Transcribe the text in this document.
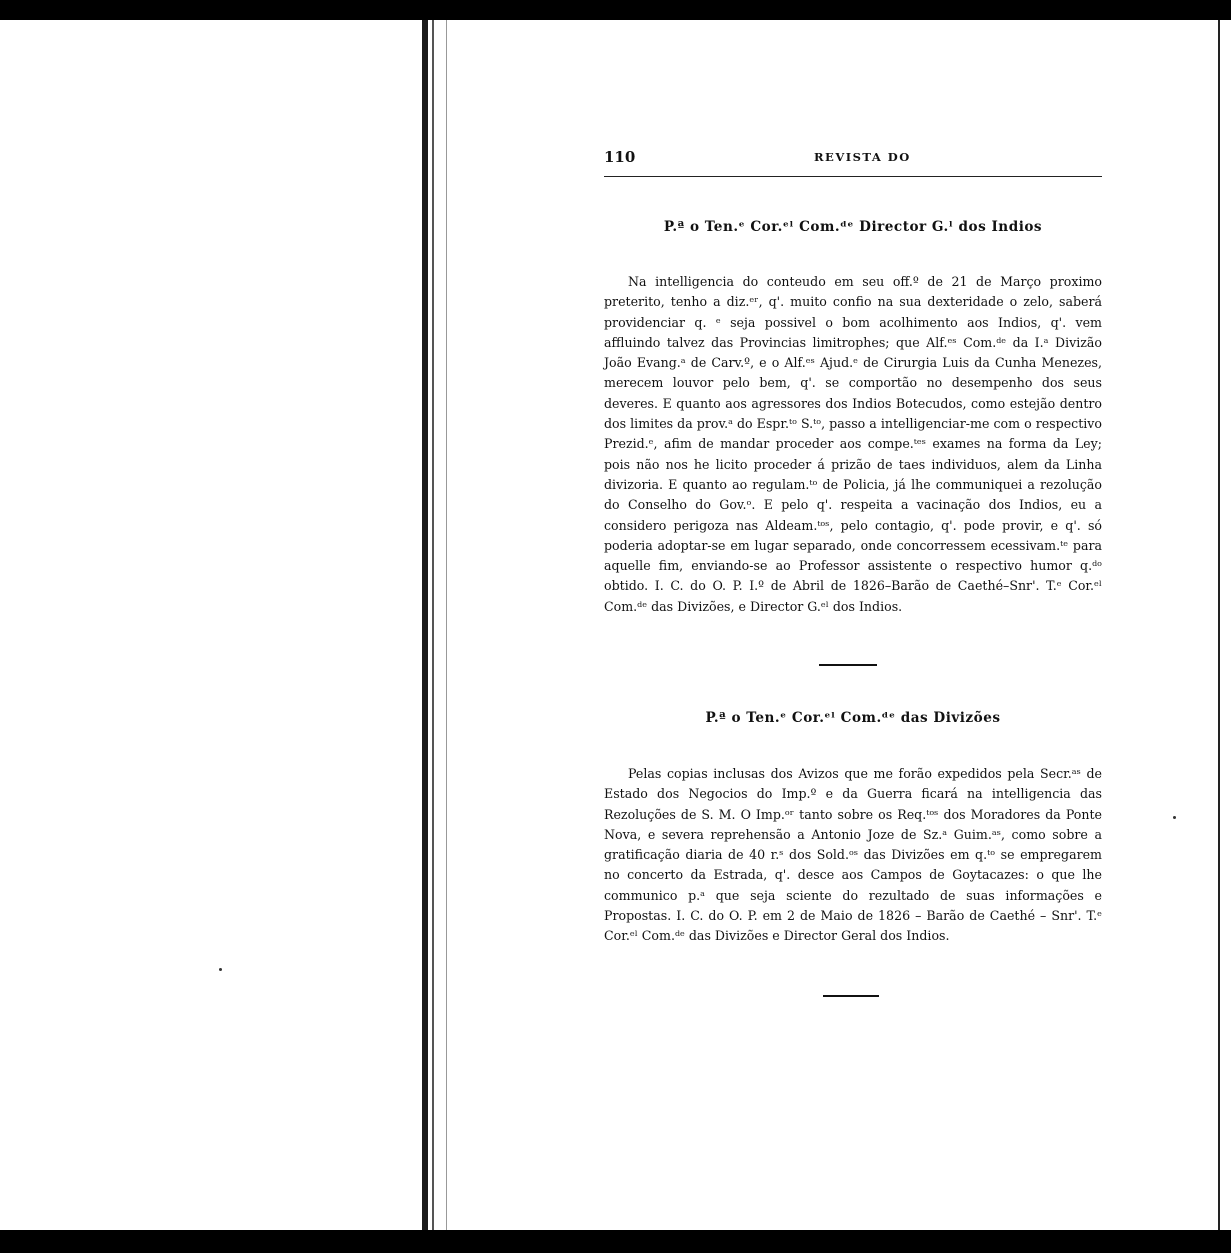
110	REVISTA DO
P.ª o Ten.ᵉ Cor.ᵉˡ Com.ᵈᵉ Director G.ˡ dos Indios

Na intelligencia do conteudo em seu off.º de 21 de Março proximo preterito, tenho a diz.ᵉʳ, q'. muito confio na sua dexteridade o zelo, saberá providenciar q. ᵉ seja possivel o bom acolhimento aos Indios, q'. vem affluindo talvez das Provincias limitrophes; que Alf.ᵉˢ Com.ᵈᵉ da I.ᵃ Divizão João Evang.ᵃ de Carv.º, e o Alf.ᵉˢ Ajud.ᵉ de Cirurgia Luis da Cunha Menezes, merecem louvor pelo bem, q'. se comportão no desempenho dos seus deveres. E quanto aos agressores dos Indios Botecudos, como estejão dentro dos limites da prov.ᵃ do Espr.ᵗᵒ S.ᵗᵒ, passo a intelligenciar-me com o respectivo Prezid.ᵉ, afim de mandar proceder aos compe.ᵗᵉˢ exames na forma da Ley; pois não nos he licito proceder á prizão de taes individuos, alem da Linha divizoria. E quanto ao regulam.ᵗᵒ de Policia, já lhe communiquei a rezolução do Conselho do Gov.ᵒ. E pelo q'. respeita a vacinação dos Indios, eu a considero perigoza nas Aldeam.ᵗᵒˢ, pelo contagio, q'. pode provir, e q'. só poderia adoptar-se em lugar separado, onde concorressem ecessivam.ᵗᵉ para aquelle fim, enviando-se ao Professor assistente o respectivo humor q.ᵈᵒ obtido. I. C. do O. P. I.º de Abril de 1826–Barão de Caethé–Snr'. T.ᵉ Cor.ᵉˡ Com.ᵈᵉ das Divizões, e Director G.ᵉˡ dos Indios.

P.ª o Ten.ᵉ Cor.ᵉˡ Com.ᵈᵉ das Divizões

Pelas copias inclusas dos Avizos que me forão expedidos pela Secr.ᵃˢ de Estado dos Negocios do Imp.º e da Guerra ficará na intelligencia das Rezoluções de S. M. O Imp.ᵒʳ tanto sobre os Req.ᵗᵒˢ dos Moradores da Ponte Nova, e severa reprehensão a Antonio Joze de Sz.ᵃ Guim.ᵃˢ, como sobre a gratificação diaria de 40 r.ˢ dos Sold.ᵒˢ das Divizões em q.ᵗᵒ se empregarem no concerto da Estrada, q'. desce aos Campos de Goytacazes: o que lhe communico p.ᵃ que seja sciente do rezultado de suas informações e Propostas. I. C. do O. P. em 2 de Maio de 1826 – Barão de Caethé – Snr'. T.ᵉ Cor.ᵉˡ Com.ᵈᵉ das Divizões e Director Geral dos Indios.
